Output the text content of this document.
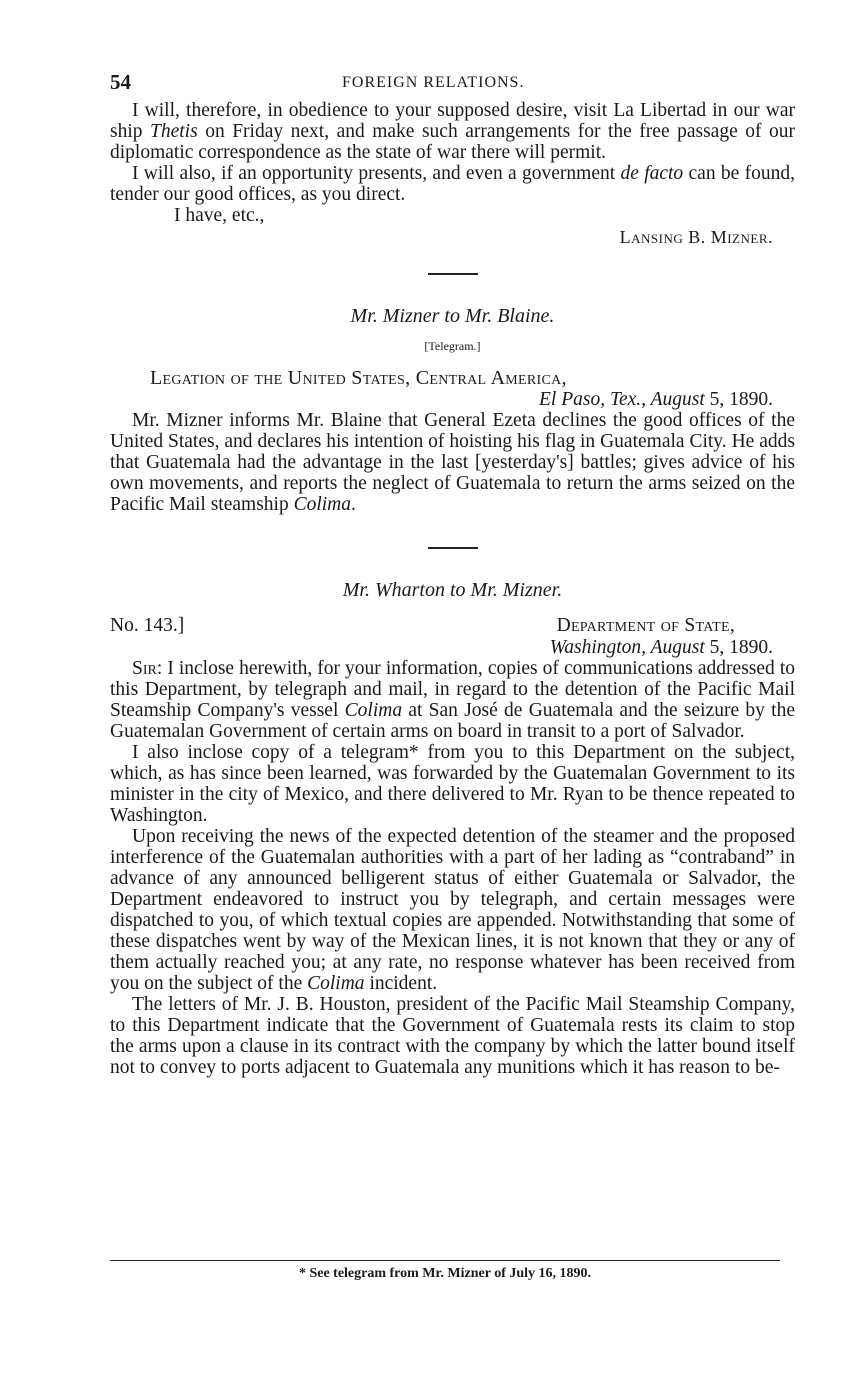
54	FOREIGN RELATIONS.

I will, therefore, in obedience to your supposed desire, visit La Libertad in our war ship Thetis on Friday next, and make such arrangements for the free passage of our diplomatic correspondence as the state of war there will permit.

I will also, if an opportunity presents, and even a government de facto can be found, tender our good offices, as you direct.

I have, etc.,
Lansing B. Mizner.
Mr. Mizner to Mr. Blaine.
[Telegram.]
Legation of the United States, Central America,
El Paso, Tex., August 5, 1890.

Mr. Mizner informs Mr. Blaine that General Ezeta declines the good offices of the United States, and declares his intention of hoisting his flag in Guatemala City. He adds that Guatemala had the advantage in the last [yesterday's] battles; gives advice of his own movements, and reports the neglect of Guatemala to return the arms seized on the Pacific Mail steamship Colima.

Mr. Wharton to Mr. Mizner.
No. 143.]	Department of State,
Washington, August 5, 1890.

Sir: I inclose herewith, for your information, copies of communications addressed to this Department, by telegraph and mail, in regard to the detention of the Pacific Mail Steamship Company's vessel Colima at San José de Guatemala and the seizure by the Guatemalan Government of certain arms on board in transit to a port of Salvador.

I also inclose copy of a telegram* from you to this Department on the subject, which, as has since been learned, was forwarded by the Guatemalan Government to its minister in the city of Mexico, and there delivered to Mr. Ryan to be thence repeated to Washington.

Upon receiving the news of the expected detention of the steamer and the proposed interference of the Guatemalan authorities with a part of her lading as “contraband” in advance of any announced belligerent status of either Guatemala or Salvador, the Department endeavored to instruct you by telegraph, and certain messages were dispatched to you, of which textual copies are appended. Notwithstanding that some of these dispatches went by way of the Mexican lines, it is not known that they or any of them actually reached you; at any rate, no response whatever has been received from you on the subject of the Colima incident.

The letters of Mr. J. B. Houston, president of the Pacific Mail Steamship Company, to this Department indicate that the Government of Guatemala rests its claim to stop the arms upon a clause in its contract with the company by which the latter bound itself not to convey to ports adjacent to Guatemala any munitions which it has reason to be-

* See telegram from Mr. Mizner of July 16, 1890.
